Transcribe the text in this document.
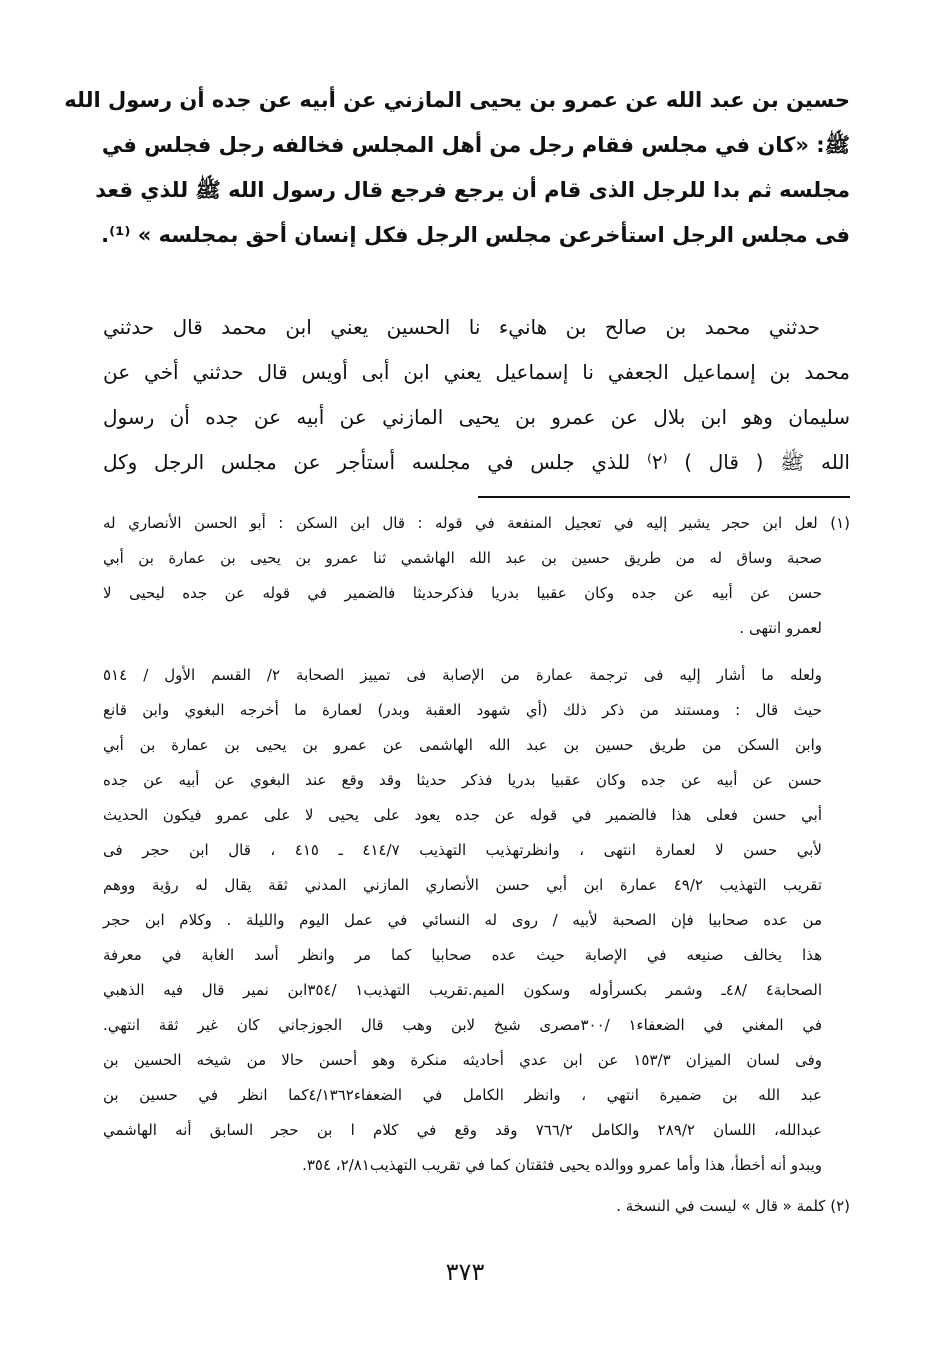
حسين بن عبد الله عن عمرو بن يحيى المازني عن أبيه عن جده أن رسول الله
ﷺ: «كان في مجلس فقام رجل من أهل المجلس فخالفه رجل فجلس في
مجلسه ثم بدا للرجل الذى قام أن يرجع فرجع قال رسول الله ﷺ للذي قعد
فى مجلس الرجل استأخرعن مجلس الرجل فكل إنسان أحق بمجلسه » ⁽¹⁾.
حدثني محمد بن صالح بن هانيء نا الحسين يعني ابن محمد قال حدثني
محمد بن إسماعيل الجعفي نا إسماعيل يعني ابن أبى أويس قال حدثني أخي عن
سليمان وهو ابن بلال عن عمرو بن يحيى المازني عن أبيه عن جده أن رسول
الله ﷺ ( قال ) ⁽٢⁾ للذي جلس في مجلسه أستأجر عن مجلس الرجل وكل
(١) لعل ابن حجر يشير إليه في تعجيل المنفعة في قوله : قال ابن السكن : أبو الحسن الأنصاري له
صحبة وساق له من طريق حسين بن عبد الله الهاشمي ثنا عمرو بن يحيى بن عمارة بن أبي
حسن عن أبيه عن جده وكان عقبيا بدريا فذكرحديثا فالضمير في قوله عن جده ليحيى لا
لعمرو انتهى .
ولعله ما أشار إليه فى ترجمة عمارة من الإصابة فى تمييز الصحابة ٢/ القسم الأول / ٥١٤
حيث قال : ومستند من ذكر ذلك (أي شهود العقبة وبدر) لعمارة ما أخرجه البغوي وابن قانع
وابن السكن من طريق حسين بن عبد الله الهاشمى عن عمرو بن يحيى بن عمارة بن أبي
حسن عن أبيه عن جده وكان عقبيا بدريا فذكر حديثا وقد وقع عند البغوي عن أبيه عن جده
أبي حسن فعلى هذا فالضمير في قوله عن جده يعود على يحيى لا على عمرو فيكون الحديث
لأبي حسن لا لعمارة انتهى ، وانظرتهذيب التهذيب ٤١٤/٧ ـ ٤١٥ ، قال ابن حجر فى
تقريب التهذيب ٤٩/٢ عمارة ابن أبي حسن الأنصاري المازني المدني ثقة يقال له رؤية ووهم
من عده صحابيا فإن الصحبة لأبيه / روى له النسائي في عمل اليوم والليلة . وكلام ابن حجر
هذا يخالف صنيعه في الإصابة حيث عده صحابيا كما مر وانظر أسد الغابة في معرفة
الصحابة٤ /٤٨ـ وشمر بكسرأوله وسكون الميم.تقريب التهذيب١ /٣٥٤ابن نمير قال فيه الذهبي
في المغني في الضعفاء١ /٣٠٠مصرى شيخ لابن وهب قال الجوزجاني كان غير ثقة انتهي.
وفى لسان الميزان ١٥٣/٣ عن ابن عدي أحاديثه منكرة وهو أحسن حالا من شيخه الحسين بن
عبد الله بن ضميرة انتهي ، وانظر الكامل في الضعفاء٤/١٣٦٢كما انظر في حسين بن
عبدالله، اللسان ٢٨٩/٢ والكامل ٧٦٦/٢ وقد وقع في كلام ا بن حجر السابق أنه الهاشمي
ويبدو أنه أخطأ، هذا وأما عمرو ووالده يحيى فثقتان كما في تقريب التهذيب٢/٨١، ٣٥٤.
(٢) كلمة « قال » ليست في النسخة .
٣٧٣
